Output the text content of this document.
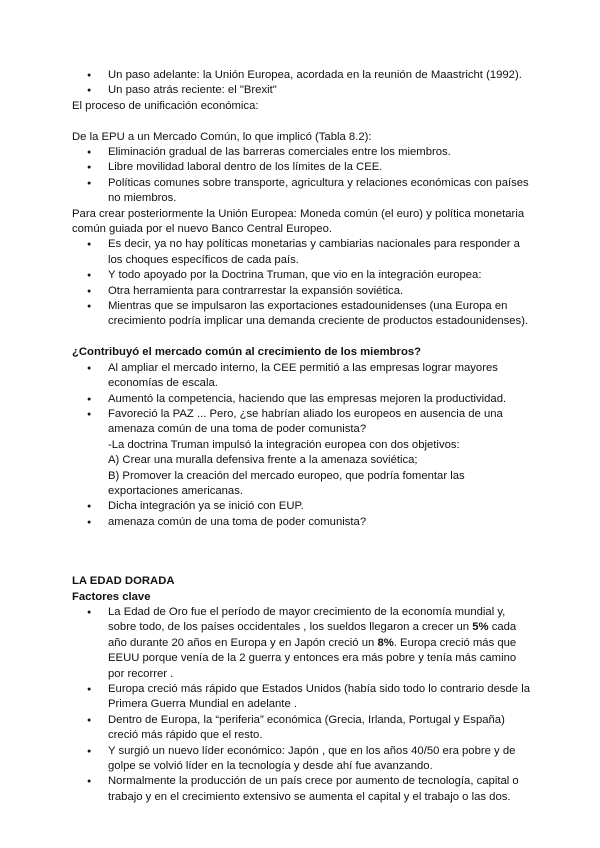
● Un paso adelante: la Unión Europea, acordada en la reunión de Maastricht (1992).
● Un paso atrás reciente: el "Brexit"

El proceso de unificación económica:

De la EPU a un Mercado Común, lo que implicó (Tabla 8.2):

● Eliminación gradual de las barreras comerciales entre los miembros.
● Libre movilidad laboral dentro de los límites de la CEE.
● Políticas comunes sobre transporte, agricultura y relaciones económicas con países no miembros.

Para crear posteriormente la Unión Europea: Moneda común (el euro) y política monetaria común guiada por el nuevo Banco Central Europeo.

● Es decir, ya no hay políticas monetarias y cambiarias nacionales para responder a los choques específicos de cada país.
● Y todo apoyado por la Doctrina Truman, que vio en la integración europea:
● Otra herramienta para contrarrestar la expansión soviética.
● Mientras que se impulsaron las exportaciones estadounidenses (una Europa en crecimiento podría implicar una demanda creciente de productos estadounidenses).
¿Contribuyó el mercado común al crecimiento de los miembros?
● Al ampliar el mercado interno, la CEE permitió a las empresas lograr mayores economías de escala.
● Aumentó la competencia, haciendo que las empresas mejoren la productividad.
● Favoreció la PAZ ... Pero, ¿se habrían aliado los europeos en ausencia de una amenaza común de una toma de poder comunista?

-La doctrina Truman impulsó la integración europea con dos objetivos:

A) Crear una muralla defensiva frente a la amenaza soviética;

B) Promover la creación del mercado europeo, que podría fomentar las exportaciones americanas.

● Dicha integración ya se inició con EUP.
● amenaza común de una toma de poder comunista?

LA EDAD DORADA

Factores clave

● La Edad de Oro fue el período de mayor crecimiento de la economía mundial y, sobre todo, de los países occidentales , los sueldos llegaron a crecer un 5% cada año durante 20 años en Europa y en Japón creció un 8%. Europa creció más que EEUU porque venía de la 2 guerra y entonces era más pobre y tenía más camino por recorrer .
● Europa creció más rápido que Estados Unidos (había sido todo lo contrario desde la Primera Guerra Mundial en adelante .
● Dentro de Europa, la “periferia” económica (Grecia, Irlanda, Portugal y España) creció más rápido que el resto.
● Y surgió un nuevo líder económico: Japón , que en los años 40/50 era pobre y de golpe se volvió líder en la tecnología y desde ahí fue avanzando.
● Normalmente la producción de un país crece por aumento de tecnología, capital o trabajo y en el crecimiento extensivo se aumenta el capital y el trabajo o las dos.
